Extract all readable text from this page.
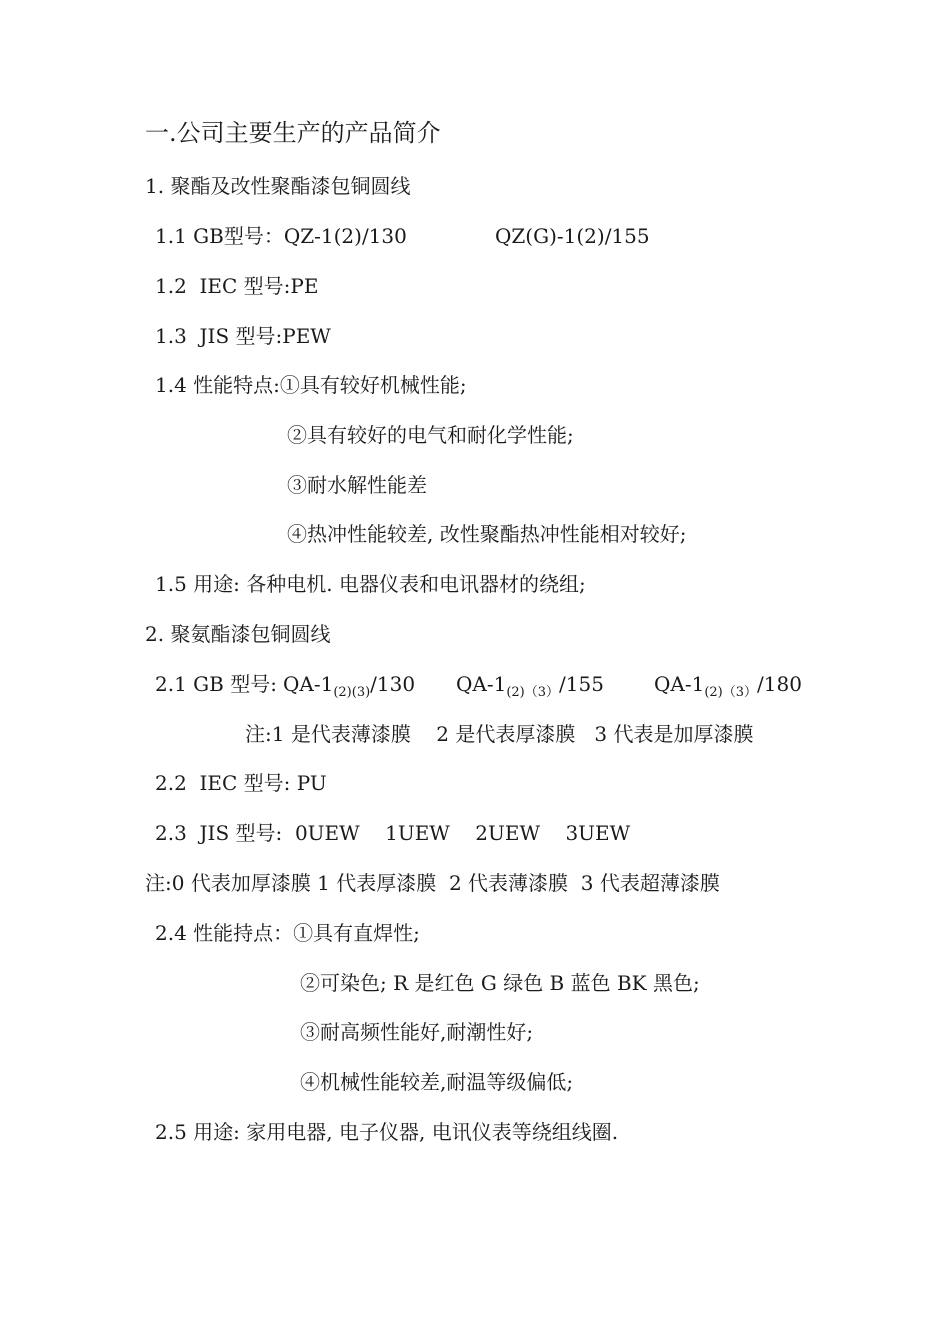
一.公司主要生产的产品简介
1. 聚酯及改性聚酯漆包铜圆线
1.1 GB型号：QZ-1(2)/130	QZ(G)-1(2)/155
1.2  IEC 型号:PE
1.3  JIS 型号:PEW
1.4 性能特点:①具有较好机械性能;
②具有较好的电气和耐化学性能;
③耐水解性能差
④热冲性能较差, 改性聚酯热冲性能相对较好;
1.5 用途: 各种电机. 电器仪表和电讯器材的绕组;
2. 聚氨酯漆包铜圆线
2.1 GB 型号: $QA-1_{(2)(3)}/130$ $QA-1_{(2)(3)}/155$	$QA-1_{(2)(3)}/180$
注:1 是代表薄漆膜    2 是代表厚漆膜   3 代表是加厚漆膜
2.2  IEC 型号: PU
2.3  JIS 型号:  0UEW    1UEW    2UEW    3UEW
注:0 代表加厚漆膜 1 代表厚漆膜  2 代表薄漆膜  3 代表超薄漆膜
2.4 性能持点：①具有直焊性;
②可染色; R 是红色 G 绿色 B 蓝色 BK 黑色;
③耐高频性能好,耐潮性好;
④机械性能较差,耐温等级偏低;
2.5 用途: 家用电器, 电子仪器, 电讯仪表等绕组线圈.
